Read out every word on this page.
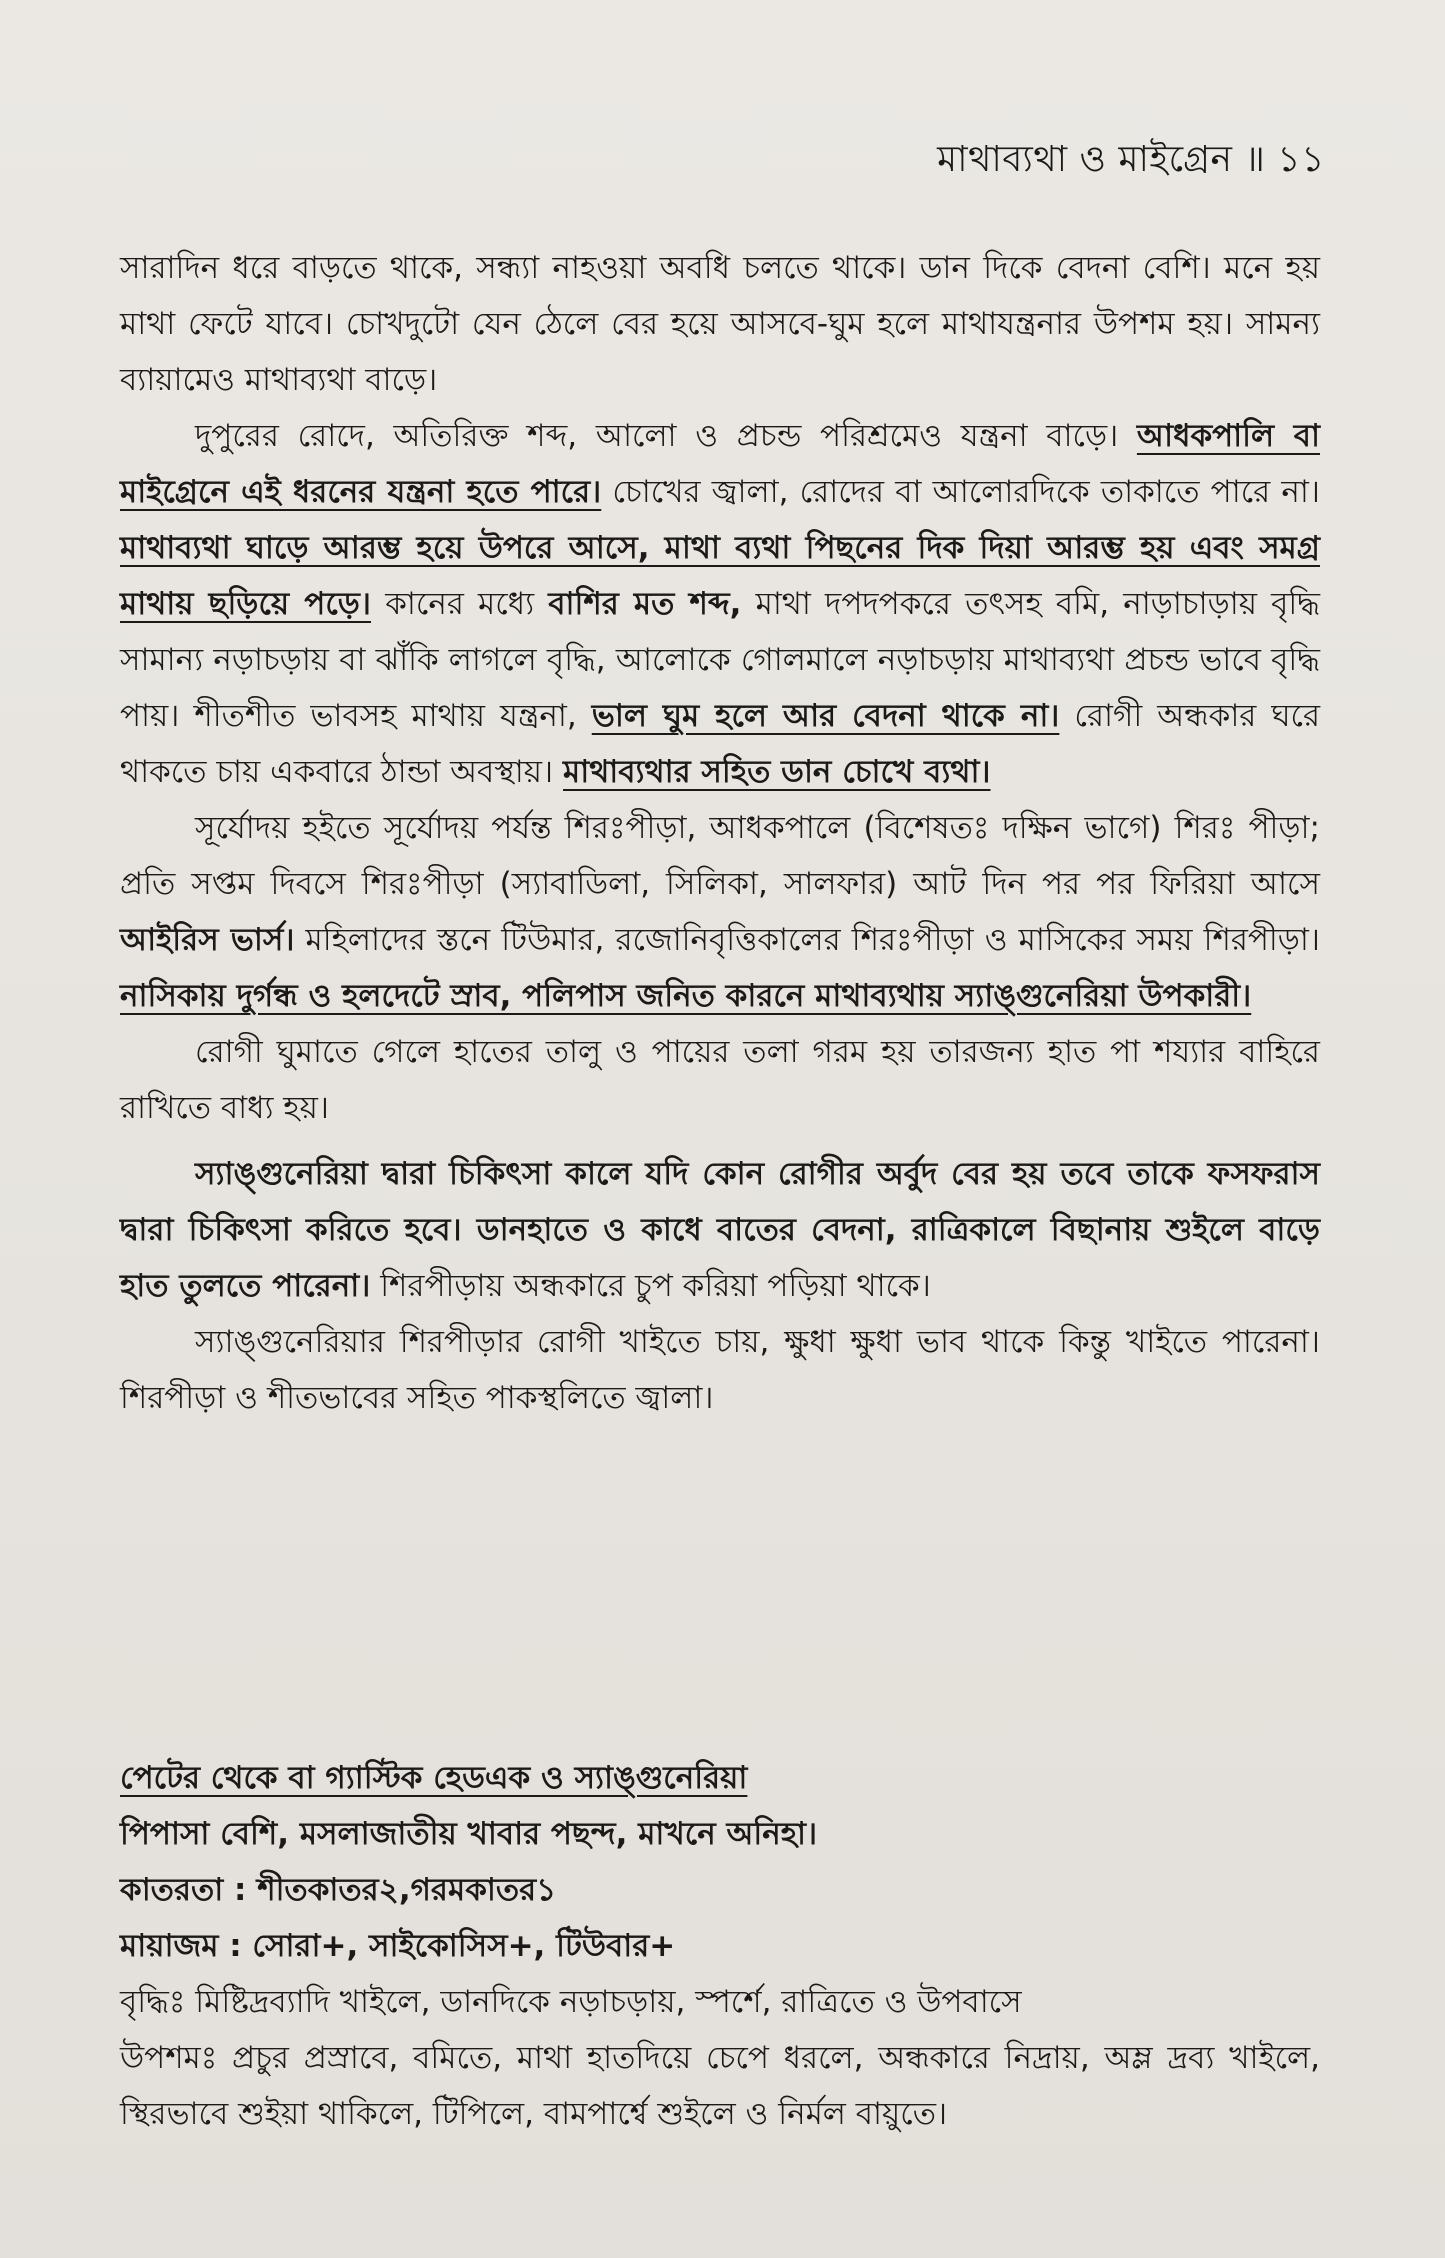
মাথাব্যথা ও মাইগ্রেন ॥ ১১

সারাদিন ধরে বাড়তে থাকে, সন্ধ্যা নাহওয়া অবধি চলতে থাকে। ডান দিকে বেদনা বেশি। মনে হয় মাথা ফেটে যাবে। চোখদুটো যেন ঠেলে বের হয়ে আসবে-ঘুম হলে মাথাযন্ত্রনার উপশম হয়। সামন্য ব্যায়ামেও মাথাব্যথা বাড়ে।

দুপুরের রোদে, অতিরিক্ত শব্দ, আলো ও প্রচন্ড পরিশ্রমেও যন্ত্রনা বাড়ে। আধকপালি বা মাইগ্রেনে এই ধরনের যন্ত্রনা হতে পারে। চোখের জ্বালা, রোদের বা আলোরদিকে তাকাতে পারে না। মাথাব্যথা ঘাড়ে আরম্ভ হয়ে উপরে আসে, মাথা ব্যথা পিছনের দিক দিয়া আরম্ভ হয় এবং সমগ্র মাথায় ছড়িয়ে পড়ে। কানের মধ্যে বাশির মত শব্দ, মাথা দপদপকরে তৎসহ বমি, নাড়াচাড়ায় বৃদ্ধি সামান্য নড়াচড়ায় বা ঝাঁকি লাগলে বৃদ্ধি, আলোকে গোলমালে নড়াচড়ায় মাথাব্যথা প্রচন্ড ভাবে বৃদ্ধি পায়। শীতশীত ভাবসহ মাথায় যন্ত্রনা, ভাল ঘুম হলে আর বেদনা থাকে না। রোগী অন্ধকার ঘরে থাকতে চায় একবারে ঠান্ডা অবস্থায়। মাথাব্যথার সহিত ডান চোখে ব্যথা।

সূর্যোদয় হইতে সূর্যোদয় পর্যন্ত শিরঃপীড়া, আধকপালে (বিশেষতঃ দক্ষিন ভাগে) শিরঃ পীড়া; প্রতি সপ্তম দিবসে শিরঃপীড়া (স্যাবাডিলা, সিলিকা, সালফার) আট দিন পর পর ফিরিয়া আসে আইরিস ভার্স। মহিলাদের স্তনে টিউমার, রজোনিবৃত্তিকালের শিরঃপীড়া ও মাসিকের সময় শিরপীড়া। নাসিকায় দুর্গন্ধ ও হলদেটে স্রাব, পলিপাস জনিত কারনে মাথাব্যথায় স্যাঙ্গুনেরিয়া উপকারী।

রোগী ঘুমাতে গেলে হাতের তালু ও পায়ের তলা গরম হয় তারজন্য হাত পা শয্যার বাহিরে রাখিতে বাধ্য হয়।

স্যাঙ্গুনেরিয়া দ্বারা চিকিৎসা কালে যদি কোন রোগীর অর্বুদ বের হয় তবে তাকে ফসফরাস দ্বারা চিকিৎসা করিতে হবে। ডানহাতে ও কাধে বাতের বেদনা, রাত্রিকালে বিছানায় শুইলে বাড়ে হাত তুলতে পারেনা। শিরপীড়ায় অন্ধকারে চুপ করিয়া পড়িয়া থাকে।

স্যাঙ্গুনেরিয়ার শিরপীড়ার রোগী খাইতে চায়, ক্ষুধা ক্ষুধা ভাব থাকে কিন্তু খাইতে পারেনা। শিরপীড়া ও শীতভাবের সহিত পাকস্থলিতে জ্বালা।

পেটের থেকে বা গ্যাস্টিক হেডএক ও স্যাঙ্গুনেরিয়া

পিপাসা বেশি, মসলাজাতীয় খাবার পছন্দ, মাখনে অনিহা।

কাতরতা : শীতকাতর২,গরমকাতর১

মায়াজম : সোরা+, সাইকোসিস+, টিউবার+

বৃদ্ধিঃ মিষ্টিদ্রব্যাদি খাইলে, ডানদিকে নড়াচড়ায়, স্পর্শে, রাত্রিতে ও উপবাসে

উপশমঃ প্রচুর প্রস্রাবে, বমিতে, মাথা হাতদিয়ে চেপে ধরলে, অন্ধকারে নিদ্রায়, অম্ল দ্রব্য খাইলে, স্থিরভাবে শুইয়া থাকিলে, টিপিলে, বামপার্শ্বে শুইলে ও নির্মল বায়ুতে।
